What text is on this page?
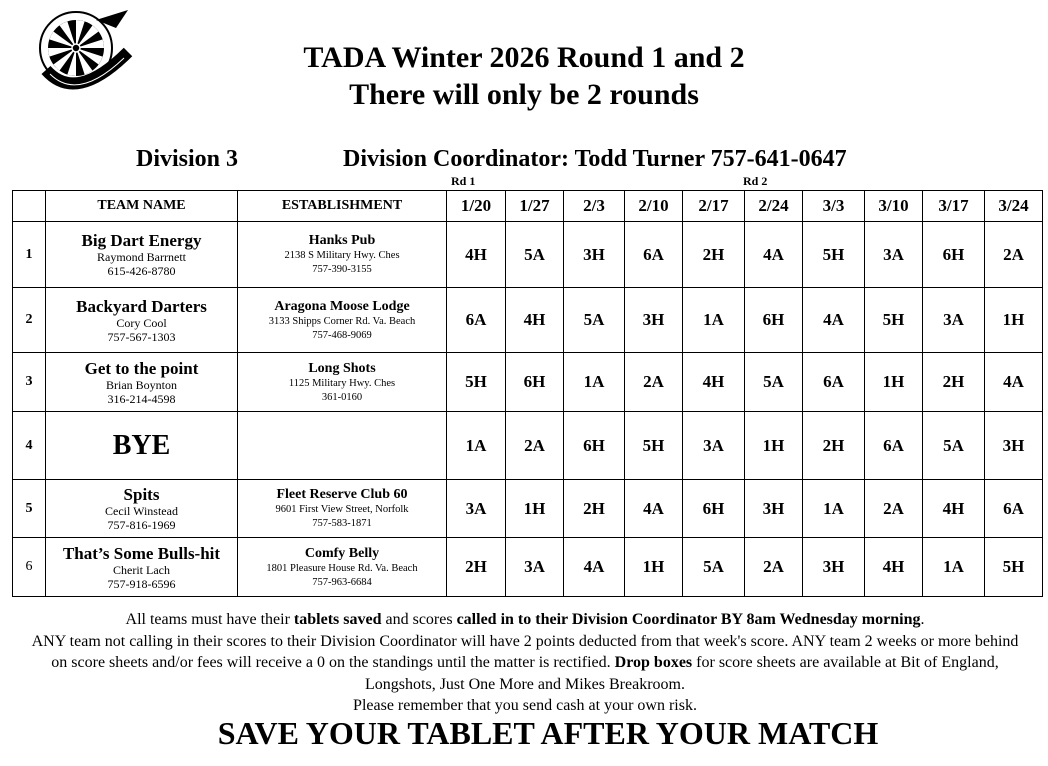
TADA Winter 2026 Round 1 and 2
There will only be 2 rounds
Division 3	Division Coordinator: Todd Turner 757-641-0647
Rd 1	Rd 2
	TEAM NAME	ESTABLISHMENT	1/20	1/27	2/3	2/10	2/17	2/24	3/3	3/10	3/17	3/24
1	Big Dart Energy
Raymond Barrnett
615-426-8780	Hanks Pub
2138 S Military Hwy. Ches
757-390-3155	4H	5A	3H	6A	2H	4A	5H	3A	6H	2A
2	Backyard Darters
Cory Cool
757-567-1303	Aragona Moose Lodge
3133 Shipps Corner Rd. Va. Beach
757-468-9069	6A	4H	5A	3H	1A	6H	4A	5H	3A	1H
3	Get to the point
Brian Boynton
316-214-4598	Long Shots
1125 Military Hwy. Ches
361-0160	5H	6H	1A	2A	4H	5A	6A	1H	2H	4A
4	BYE		1A	2A	6H	5H	3A	1H	2H	6A	5A	3H
5	Spits
Cecil Winstead
757-816-1969	Fleet Reserve Club 60
9601 First View Street, Norfolk
757-583-1871	3A	1H	2H	4A	6H	3H	1A	2A	4H	6A
6	That’s Some Bulls-hit
Cherit Lach
757-918-6596	Comfy Belly
1801 Pleasure House Rd. Va. Beach
757-963-6684	2H	3A	4A	1H	5A	2A	3H	4H	1A	5H
All teams must have their tablets saved and scores called in to their Division Coordinator BY 8am Wednesday morning.
ANY team not calling in their scores to their Division Coordinator will have 2 points deducted from that week's score. ANY team 2 weeks or more behind on score sheets and/or fees will receive a 0 on the standings until the matter is rectified. Drop boxes for score sheets are available at Bit of England, Longshots, Just One More and Mikes Breakroom.
Please remember that you send cash at your own risk.
SAVE YOUR TABLET AFTER YOUR MATCH
